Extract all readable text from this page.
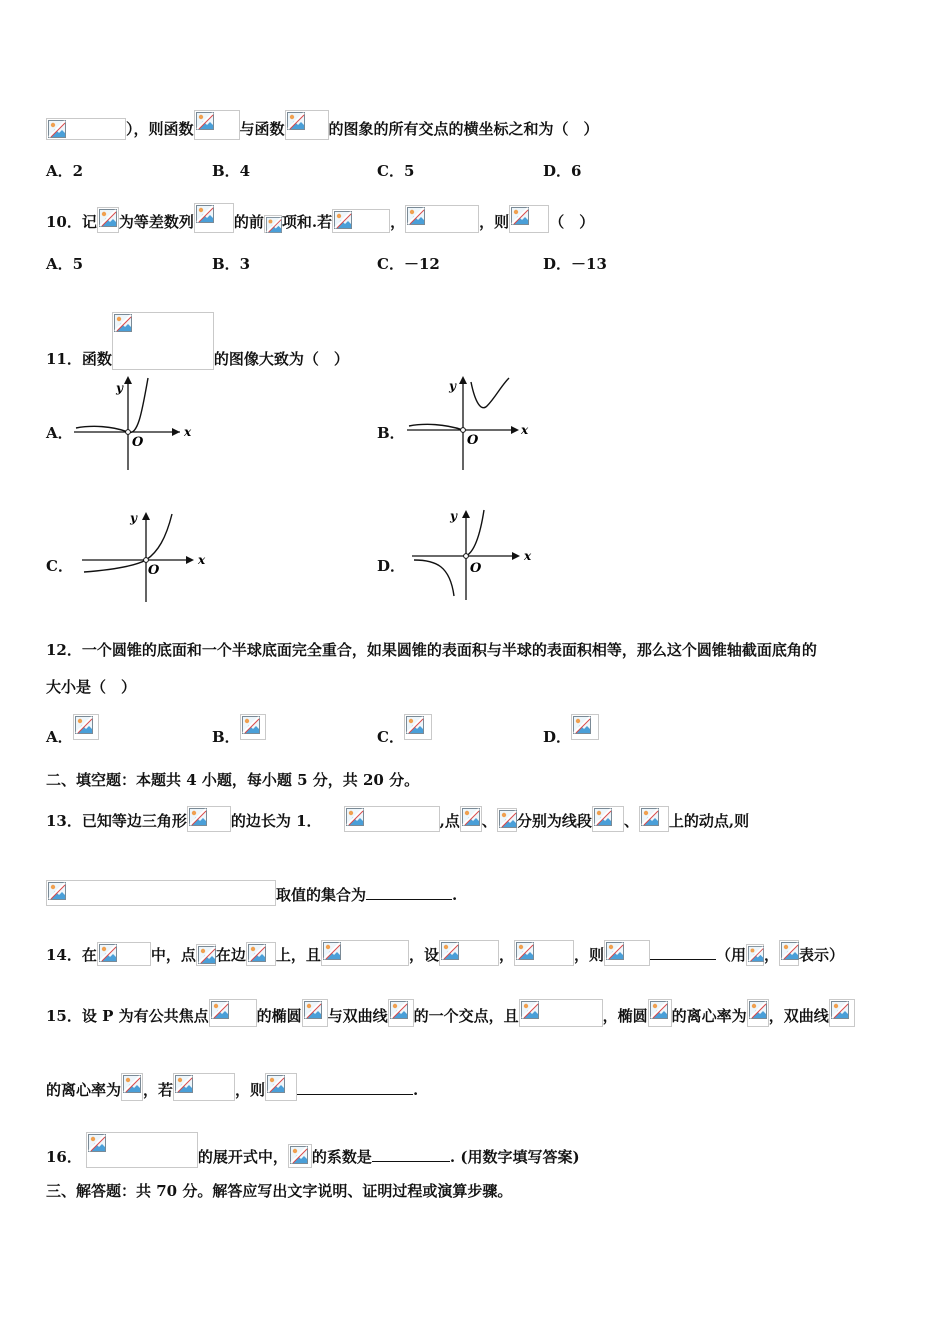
），则函数	与函数	的图象的所有交点的横坐标之和为（　）
A．2	B．4	C．5	D．6
10．记 为等差数列	的前 项和.若	，	，则	（　）
A．5	B．3	C．－12	D．－13
11．函数	的图像大致为（　）
A．	B．
C．	D．
y
O
x
y
O
x
y
O
x
y
O
x
12．一个圆锥的底面和一个半球底面完全重合，如果圆锥的表面积与半球的表面积相等，那么这个圆锥轴截面底角的
大小是（　）
A．	B．	C．	D．
二、填空题：本题共 4 小题，每小题 5 分，共 20 分。
13．已知等边三角形	的边长为 1．	,点 、 分别为线段 、 上的动点,则
取值的集合为	.
14．在	中，点 在边 上，且	，设	，	，则	（用 ， 表示）
15．设 P 为有公共焦点	的椭圆 与双曲线 的一个交点，且	，椭圆 的离心率为 ，双曲线
的离心率为 ，若	，则	.
16．	的展开式中， 的系数是	. (用数字填写答案)
三、解答题：共 70 分。解答应写出文字说明、证明过程或演算步骤。
